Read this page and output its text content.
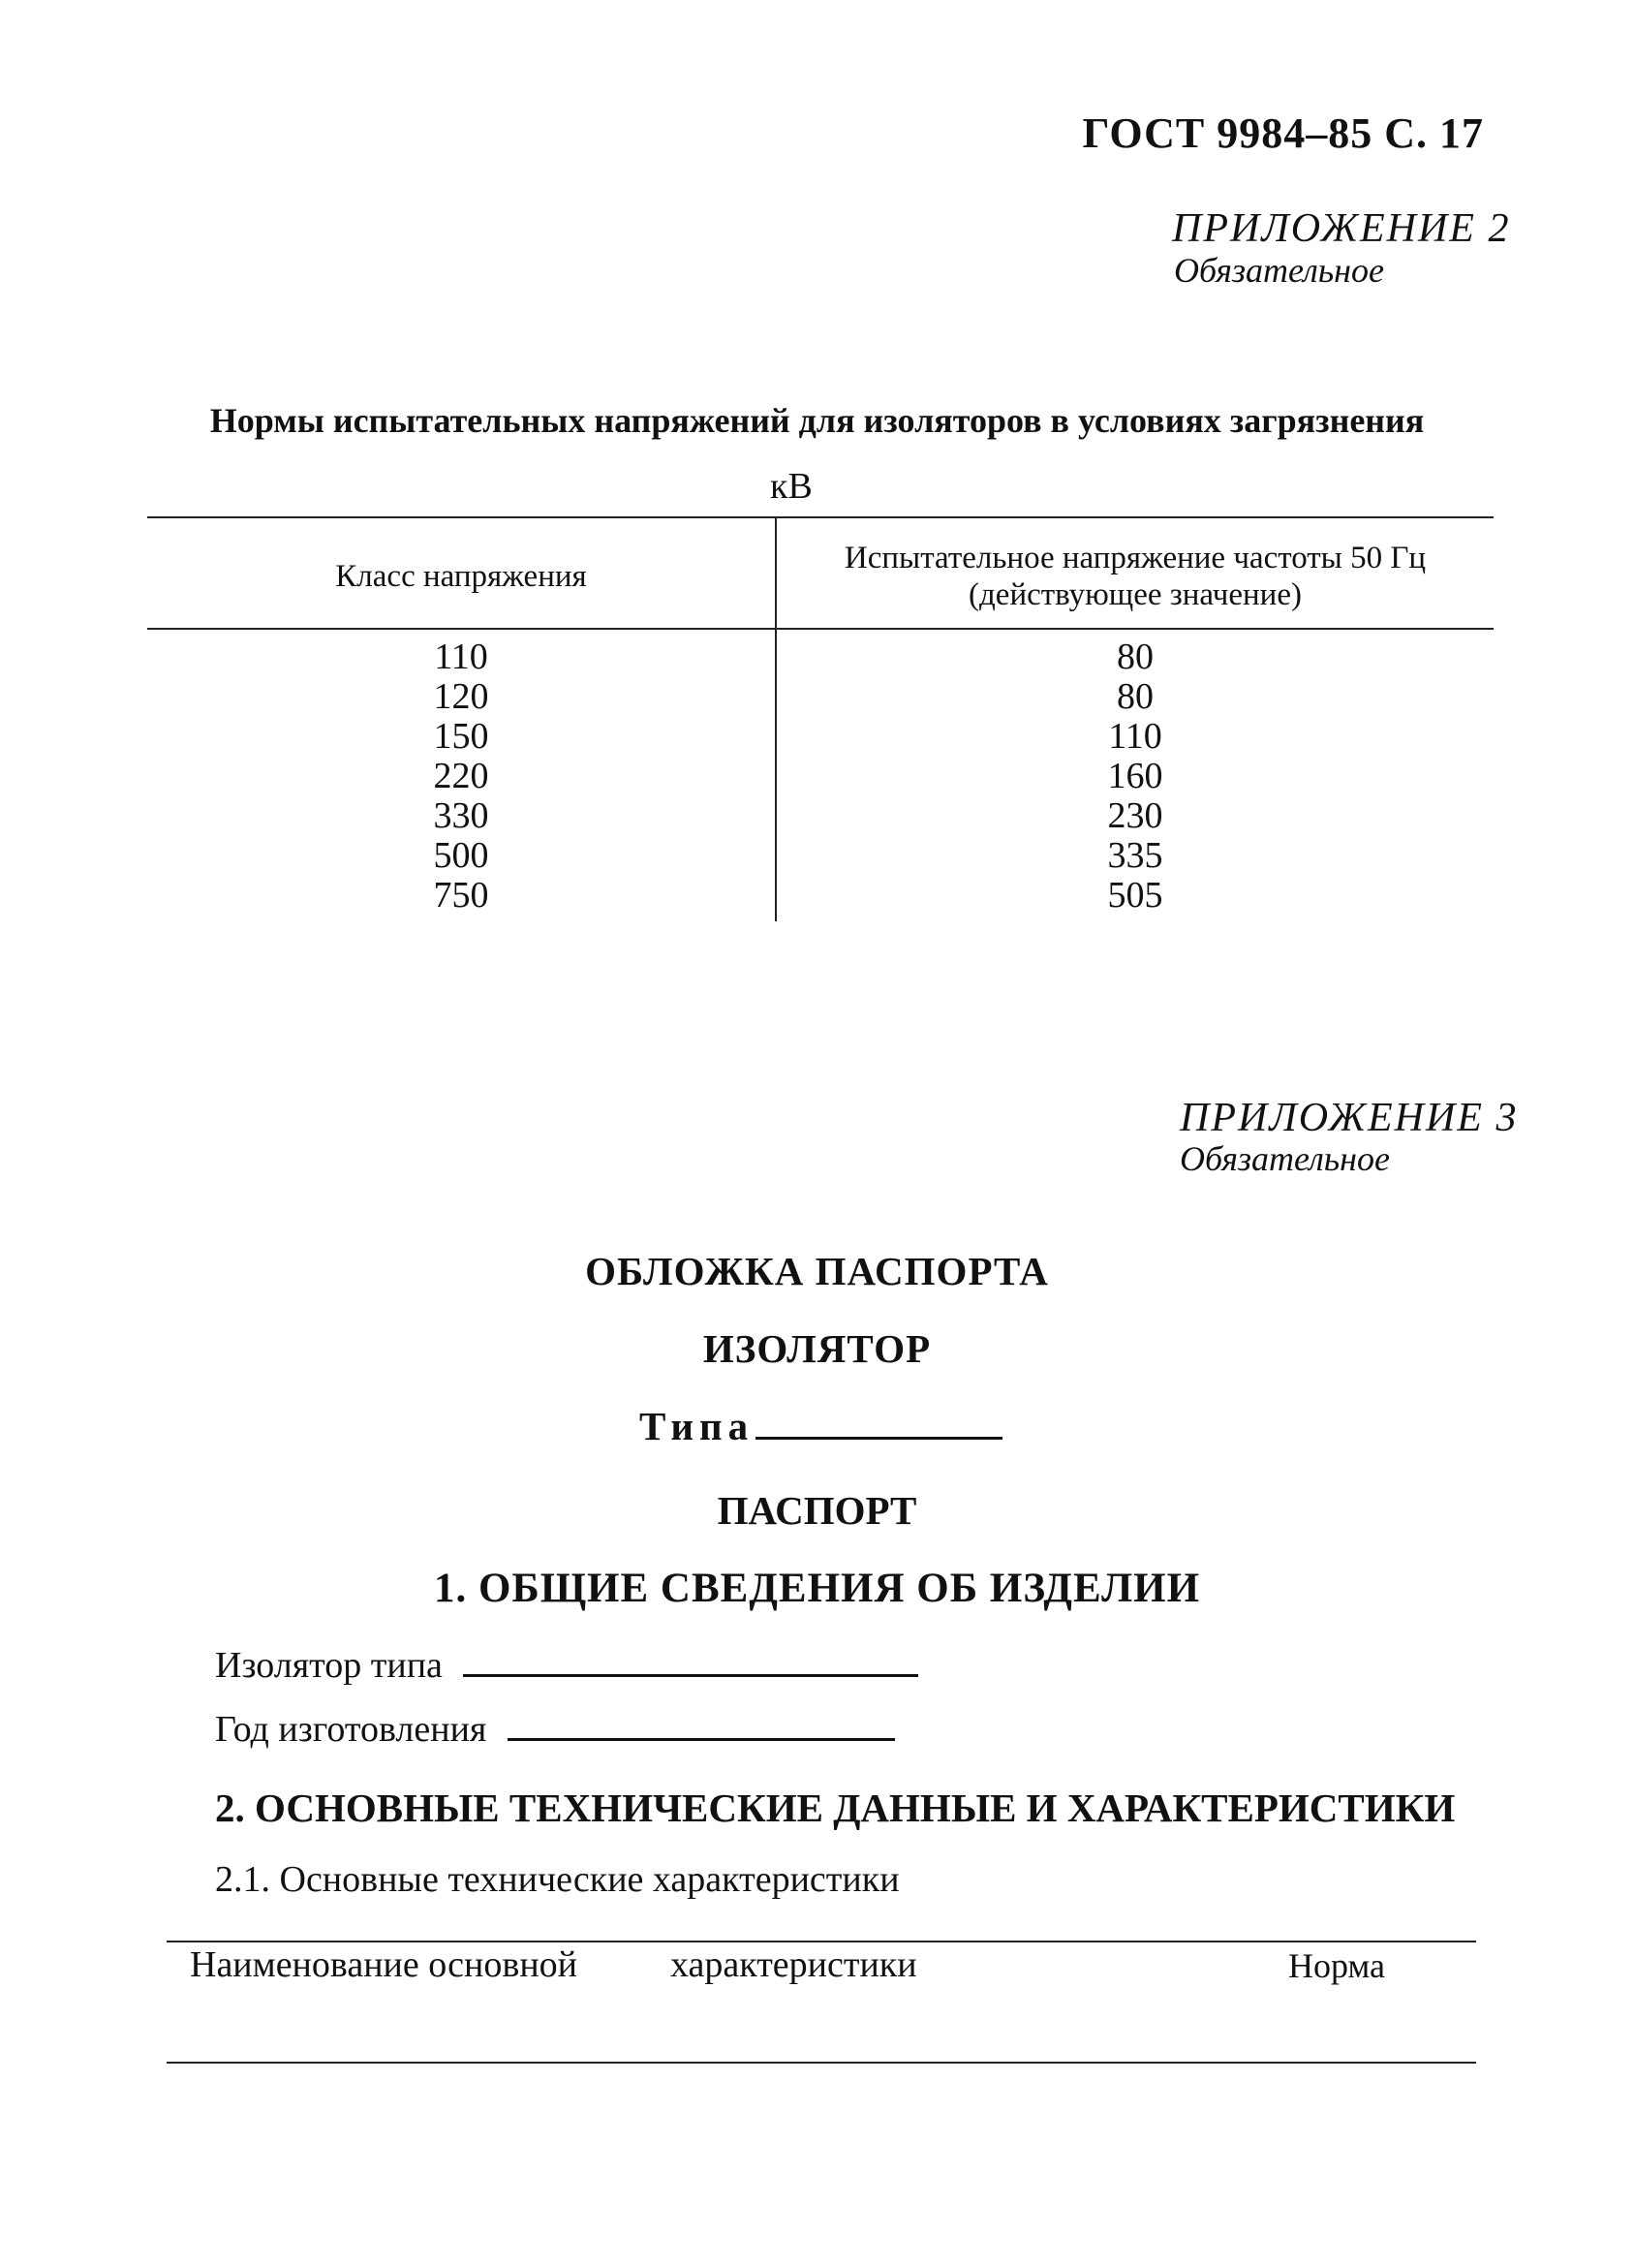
ГОСТ 9984–85 С. 17
ПРИЛОЖЕНИЕ 2
Обязательное
Нормы испытательных напряжений для изоляторов в условиях загрязнения
кВ
Класс напряжения
Испытательное напряжение частоты 50 Гц
(действующее значение)
110
120
150
220
330
500
750
80
80
110
160
230
335
505
ПРИЛОЖЕНИЕ 3
Обязательное
ОБЛОЖКА ПАСПОРТА
ИЗОЛЯТОР
Типа
ПАСПОРТ
1. ОБЩИЕ СВЕДЕНИЯ ОБ ИЗДЕЛИИ
Изолятор типа
Год изготовления
2. ОСНОВНЫЕ ТЕХНИЧЕСКИЕ ДАННЫЕ И ХАРАКТЕРИСТИКИ
2.1. Основные технические характеристики
Наименование основной	характеристики	Норма
